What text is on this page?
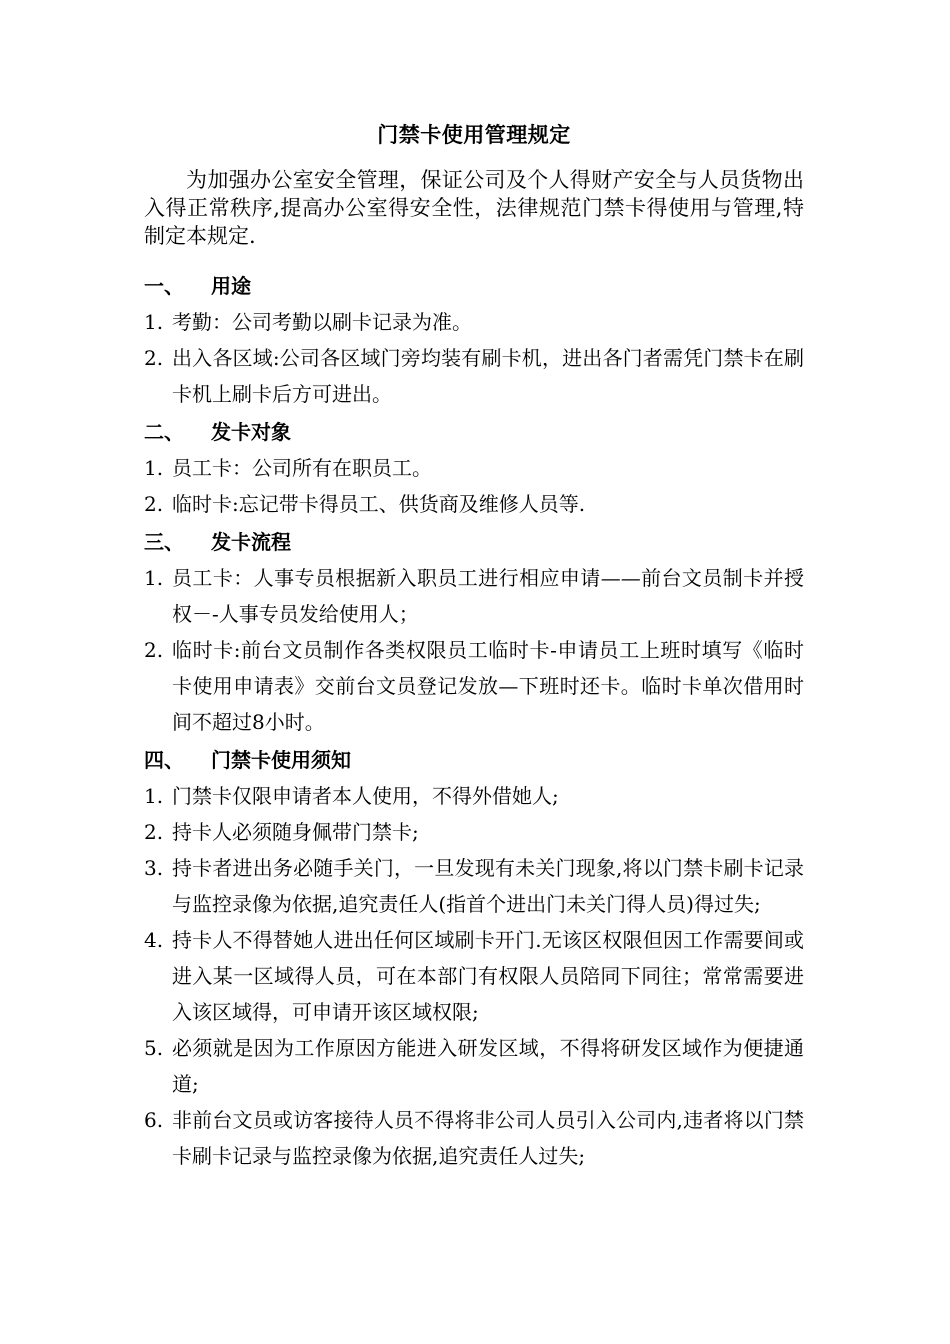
门禁卡使用管理规定
为加强办公室安全管理，保证公司及个人得财产安全与人员货物出入得正常秩序,提高办公室得安全性，法律规范门禁卡得使用与管理,特制定本规定.
一、	用途
1. 考勤：公司考勤以刷卡记录为准。
2. 出入各区域:公司各区域门旁均装有刷卡机，进出各门者需凭门禁卡在刷卡机上刷卡后方可进出。
二、	发卡对象
1. 员工卡：公司所有在职员工。
2. 临时卡:忘记带卡得员工、供货商及维修人员等.
三、	发卡流程
1. 员工卡：人事专员根据新入职员工进行相应申请——前台文员制卡并授权－-人事专员发给使用人；
2. 临时卡:前台文员制作各类权限员工临时卡-申请员工上班时填写《临时卡使用申请表》交前台文员登记发放—下班时还卡。临时卡单次借用时间不超过8小时。
四、	门禁卡使用须知
1. 门禁卡仅限申请者本人使用，不得外借她人;
2. 持卡人必须随身佩带门禁卡;
3. 持卡者进出务必随手关门，一旦发现有未关门现象,将以门禁卡刷卡记录与监控录像为依据,追究责任人(指首个进出门未关门得人员)得过失;
4. 持卡人不得替她人进出任何区域刷卡开门.无该区权限但因工作需要间或进入某一区域得人员，可在本部门有权限人员陪同下同往；常常需要进入该区域得，可申请开该区域权限;
5. 必须就是因为工作原因方能进入研发区域，不得将研发区域作为便捷通道;
6. 非前台文员或访客接待人员不得将非公司人员引入公司内,违者将以门禁卡刷卡记录与监控录像为依据,追究责任人过失;
